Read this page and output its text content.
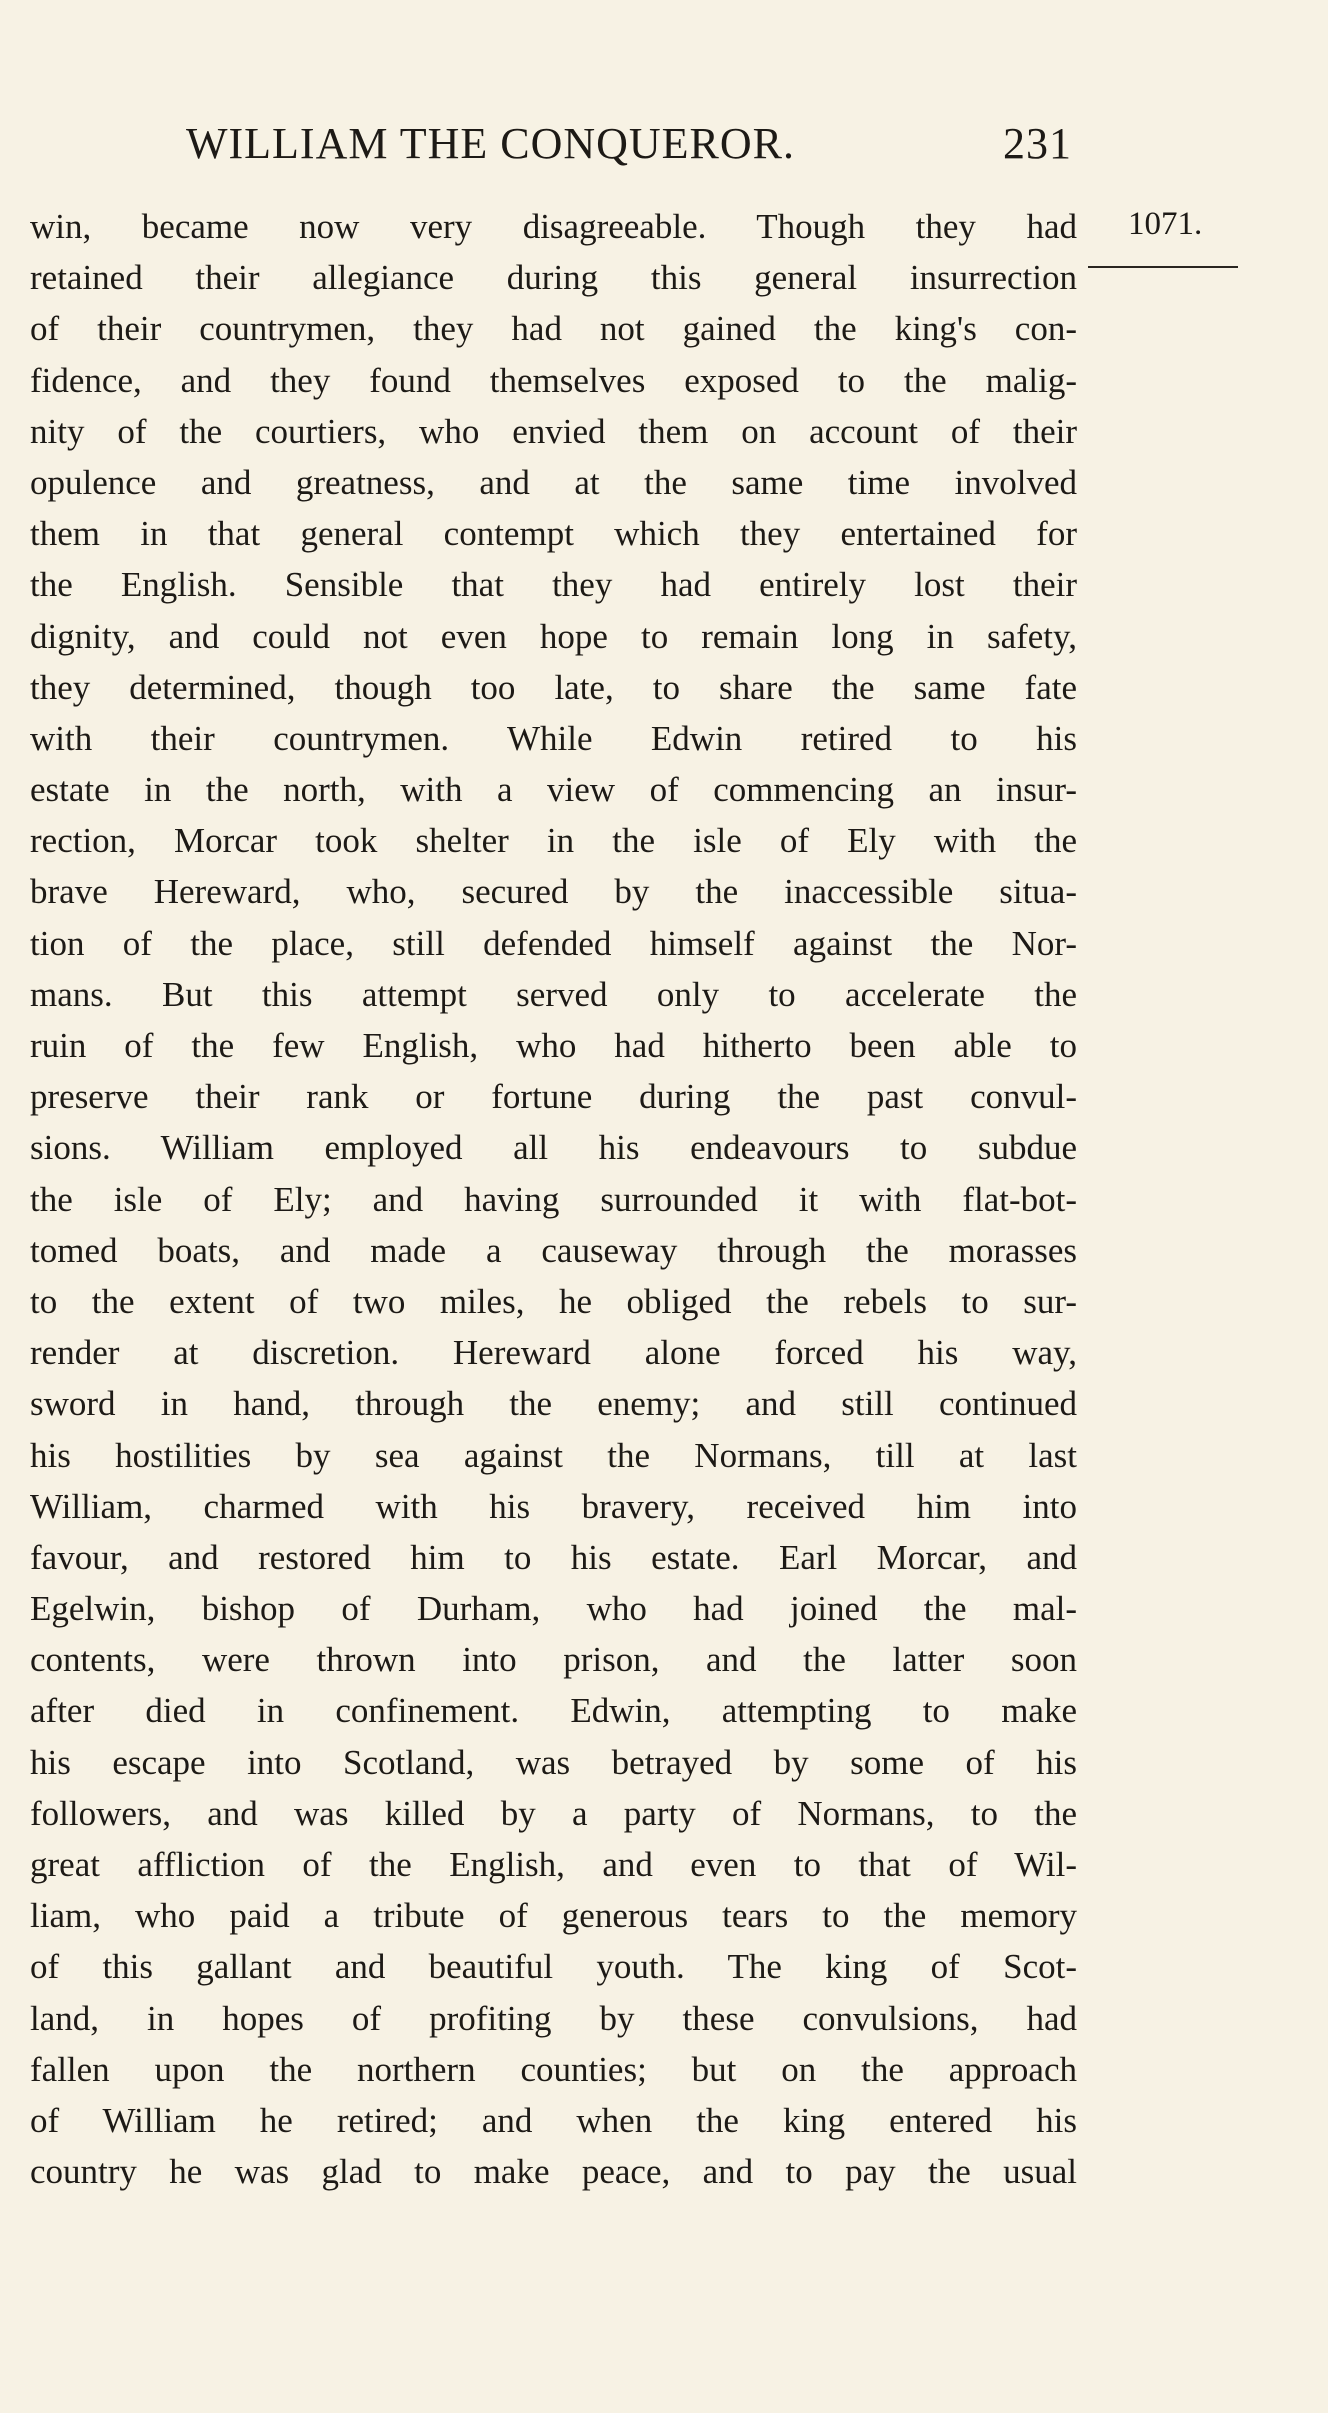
WILLIAM THE CONQUEROR.	231
1071.
win, became now very disagreeable. Though they had
retained their allegiance during this general insurrection
of their countrymen, they had not gained the king's con-
fidence, and they found themselves exposed to the malig-
nity of the courtiers, who envied them on account of their
opulence and greatness, and at the same time involved
them in that general contempt which they entertained for
the English. Sensible that they had entirely lost their
dignity, and could not even hope to remain long in safety,
they determined, though too late, to share the same fate
with their countrymen. While Edwin retired to his
estate in the north, with a view of commencing an insur-
rection, Morcar took shelter in the isle of Ely with the
brave Hereward, who, secured by the inaccessible situa-
tion of the place, still defended himself against the Nor-
mans. But this attempt served only to accelerate the
ruin of the few English, who had hitherto been able to
preserve their rank or fortune during the past convul-
sions. William employed all his endeavours to subdue
the isle of Ely; and having surrounded it with flat-bot-
tomed boats, and made a causeway through the morasses
to the extent of two miles, he obliged the rebels to sur-
render at discretion. Hereward alone forced his way,
sword in hand, through the enemy; and still continued
his hostilities by sea against the Normans, till at last
William, charmed with his bravery, received him into
favour, and restored him to his estate. Earl Morcar, and
Egelwin, bishop of Durham, who had joined the mal-
contents, were thrown into prison, and the latter soon
after died in confinement. Edwin, attempting to make
his escape into Scotland, was betrayed by some of his
followers, and was killed by a party of Normans, to the
great affliction of the English, and even to that of Wil-
liam, who paid a tribute of generous tears to the memory
of this gallant and beautiful youth. The king of Scot-
land, in hopes of profiting by these convulsions, had
fallen upon the northern counties; but on the approach
of William he retired; and when the king entered his
country he was glad to make peace, and to pay the usual
